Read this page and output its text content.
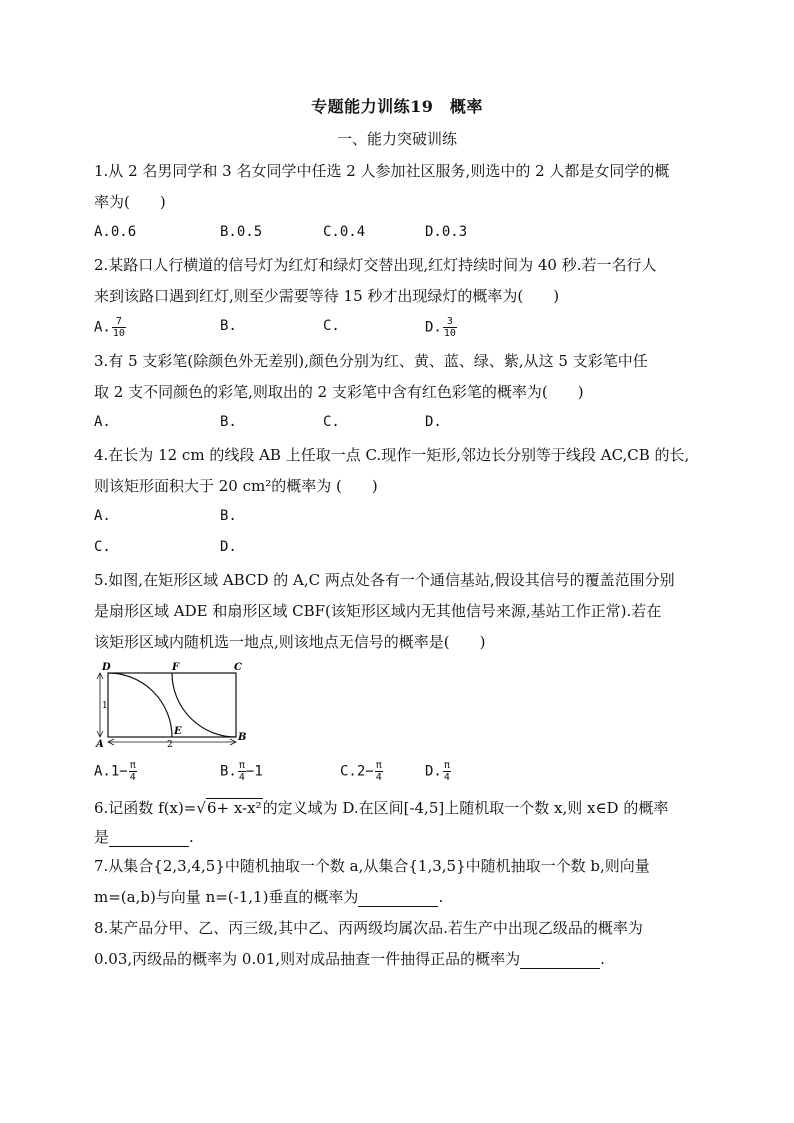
专题能力训练19　概率
一、能力突破训练
1.从 2 名男同学和 3 名女同学中任选 2 人参加社区服务,则选中的 2 人都是女同学的概
率为(　　)
A.0.6	B.0.5	C.0.4	D.0.3
2.某路口人行横道的信号灯为红灯和绿灯交替出现,红灯持续时间为 40 秒.若一名行人
来到该路口遇到红灯,则至少需要等待 15 秒才出现绿灯的概率为(　　)
A. $\frac{7}{10}$	B.	C.	D. $\frac{3}{10}$
3.有 5 支彩笔(除颜色外无差别),颜色分别为红、黄、蓝、绿、紫,从这 5 支彩笔中任
取 2 支不同颜色的彩笔,则取出的 2 支彩笔中含有红色彩笔的概率为(　　)
A.	B.	C.	D.
4.在长为 12 cm 的线段 AB 上任取一点 C.现作一矩形,邻边长分别等于线段 AC,CB 的长,
则该矩形面积大于 20 cm²的概率为 (　　)
A.	B.
C.	D.
5.如图,在矩形区域 ABCD 的 A,C 两点处各有一个通信基站,假设其信号的覆盖范围分别
是扇形区域 ADE 和扇形区域 CBF(该矩形区域内无其他信号来源,基站工作正常).若在
该矩形区域内随机选一地点,则该地点无信号的概率是(　　)
D	F	C
A
E
B
1
2
$A.1- \frac{\pi}{4}$	B. $\frac{\pi}{4} -1$	$C.2- \frac{\pi}{4}$	D. $\frac{\pi}{4}$
6.记函数 f(x)=√6+ x-x²的定义域为 D.在区间[-4,5]上随机取一个数 x,则 x∈D 的概率
是	.
7.从集合{2,3,4,5}中随机抽取一个数 a,从集合{1,3,5}中随机抽取一个数 b,则向量
m=(a,b)与向量 n=(-1,1)垂直的概率为	.
8.某产品分甲、乙、丙三级,其中乙、丙两级均属次品.若生产中出现乙级品的概率为
0.03,丙级品的概率为 0.01,则对成品抽查一件抽得正品的概率为	.
